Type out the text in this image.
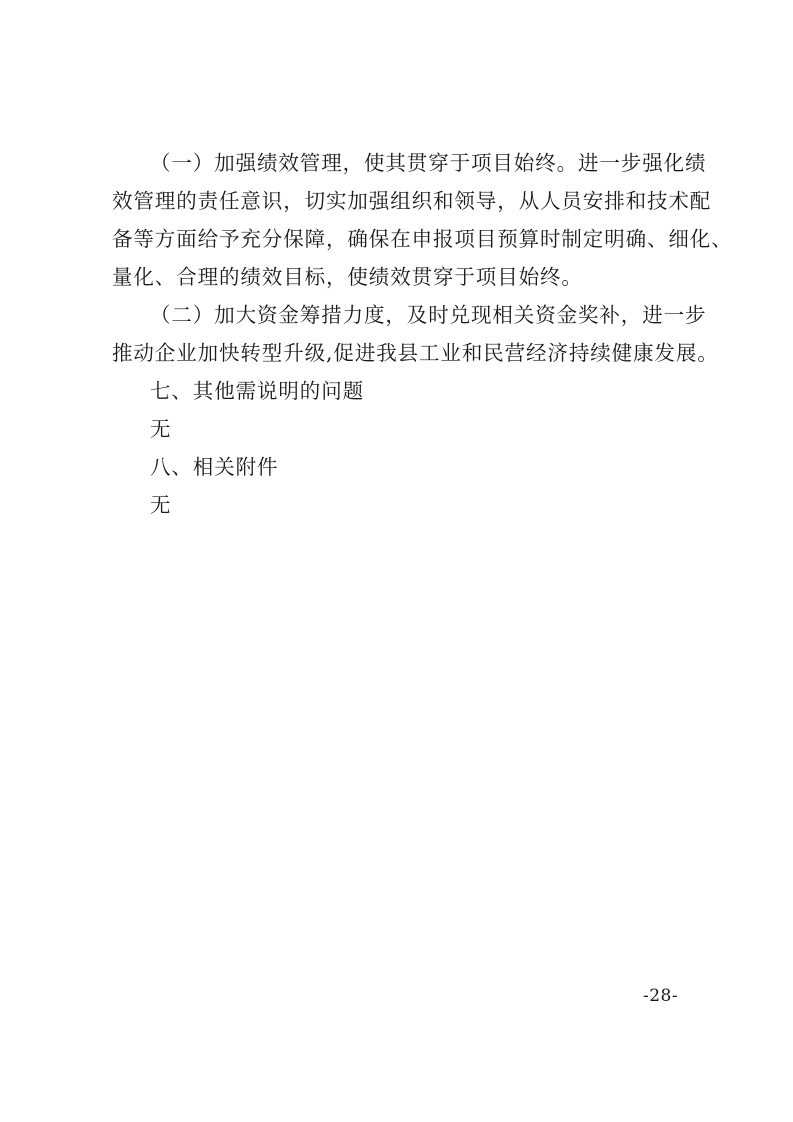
（一）加强绩效管理，使其贯穿于项目始终。进一步强化绩
效管理的责任意识，切实加强组织和领导，从人员安排和技术配
备等方面给予充分保障，确保在申报项目预算时制定明确、细化、
量化、合理的绩效目标，使绩效贯穿于项目始终。
（二）加大资金筹措力度，及时兑现相关资金奖补，进一步
推动企业加快转型升级,促进我县工业和民营经济持续健康发展。
七、其他需说明的问题
无
八、相关附件
无
-28-
